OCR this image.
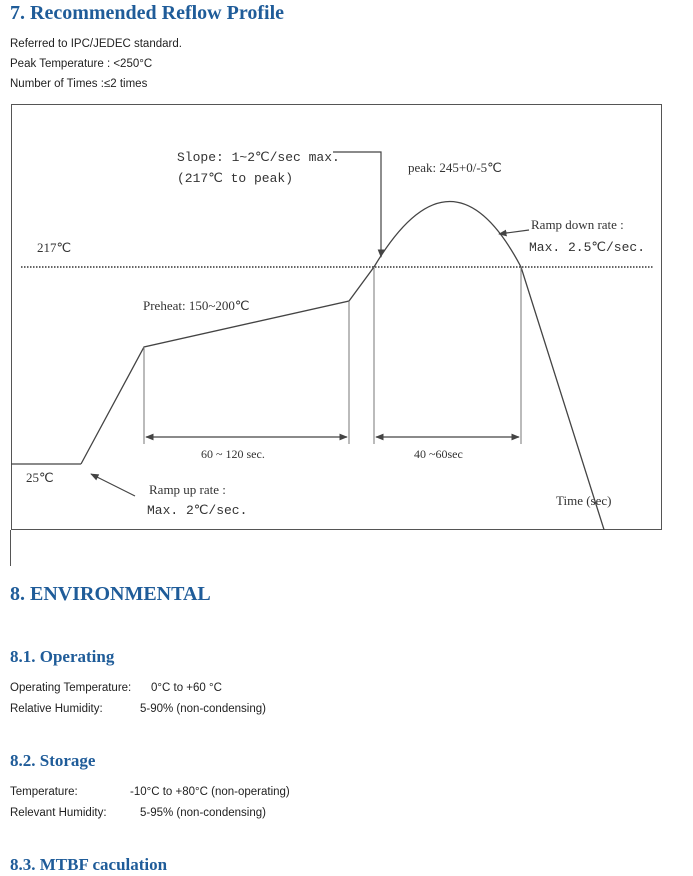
7. Recommended Reflow Profile

Referred to IPC/JEDEC standard.

Peak Temperature : <250°C

Number of Times :≤2 times

217℃
25℃
Slope: 1~2℃/sec max.
(217℃ to peak)
peak: 245+0/-5℃
Ramp down rate :
Max. 2.5℃/sec.
Preheat: 150~200℃
60 ~ 120 sec.	40 ~60sec
Ramp up rate :
Max. 2℃/sec.
Time (sec)
8. ENVIRONMENTAL
8.1. Operating

Operating Temperature: 0°C to +60 °C

Relative Humidity:	5-90% (non-condensing)

8.2. Storage

Temperature:	-10°C to +80°C (non-operating)

Relevant Humidity:	5-95% (non-condensing)

8.3. MTBF caculation
